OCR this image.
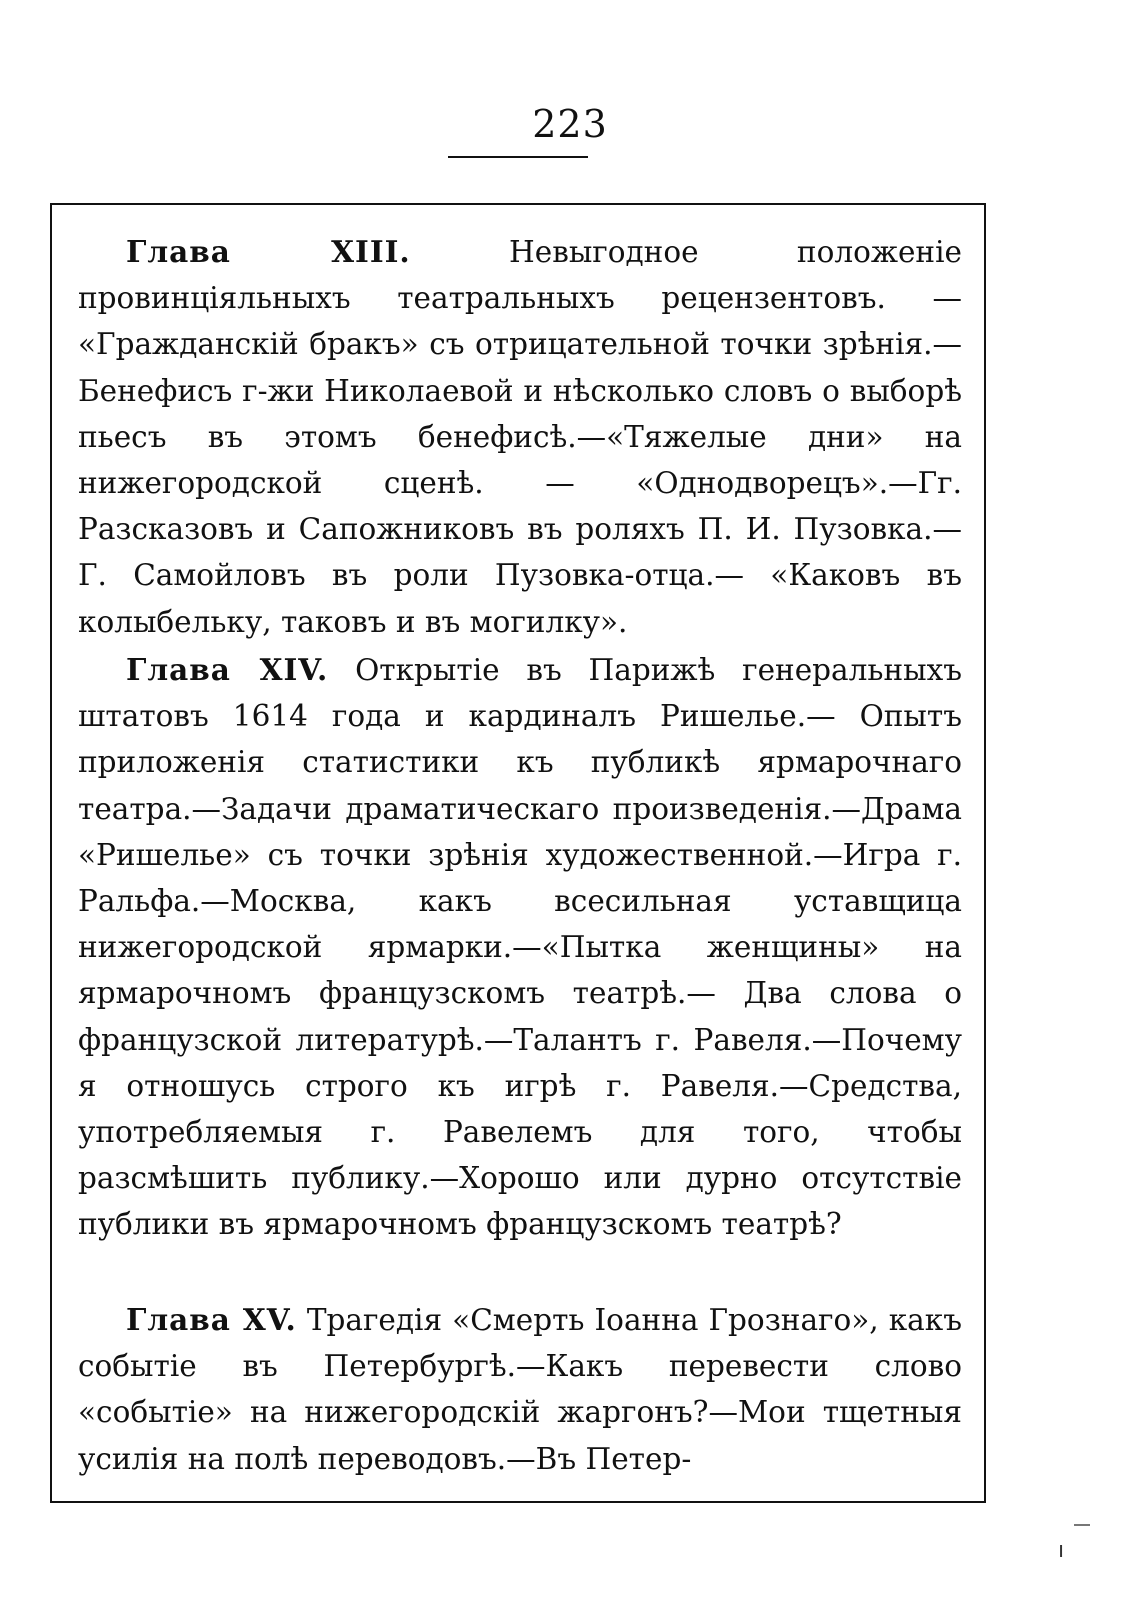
223

Глава XIII.	Невыгодное положеніе провинціяльныхъ театральныхъ рецензентовъ. — «Гражданскій бракъ» съ отрицательной точки зрѣнія.—Бенефисъ г-жи Николаевой и нѣсколько словъ о выборѣ пьесъ въ этомъ бенефисѣ.—«Тяжелые дни» на нижегородской сценѣ. — «Однодворецъ».—Гг. Разсказовъ и Сапожниковъ въ роляхъ П. И. Пузовка.—Г. Самойловъ въ роли Пузовка-отца.— «Каковъ въ колыбельку, таковъ и въ могилку».

Глава XIV. Открытіе въ Парижѣ генеральныхъ штатовъ 1614 года и кардиналъ Ришелье.— Опытъ приложенія статистики къ публикѣ ярмарочнаго театра.—Задачи драматическаго произведенія.—Драма «Ришелье» съ точки зрѣнія художественной.—Игра г. Ральфа.—Москва, какъ всесильная уставщица нижегородской ярмарки.—«Пытка женщины» на ярмарочномъ французскомъ театрѣ.— Два слова о французской литературѣ.—Талантъ г. Равеля.—Почему я отношусь строго къ игрѣ г. Равеля.—Средства, употребляемыя г. Равелемъ для того, чтобы разсмѣшить публику.—Хорошо или дурно отсутствіе публики въ ярмарочномъ французскомъ театрѣ?

Глава XV. Трагедія «Смерть Іоанна Грознаго», какъ событіе въ Петербургѣ.—Какъ перевести слово «событіе» на нижегородскій жаргонъ?—Мои тщетныя усилія на полѣ переводовъ.—Въ Петер-

ı
